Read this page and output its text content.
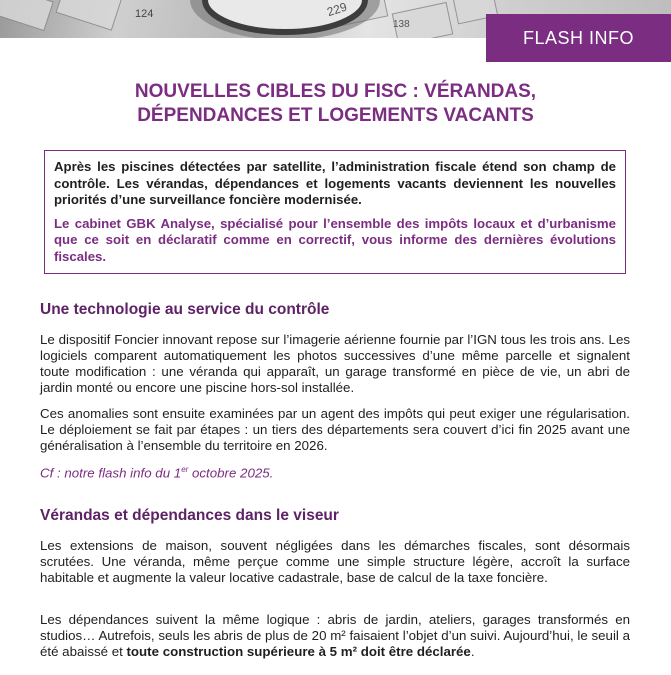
124	229
138
FLASH INFO
NOUVELLES CIBLES DU FISC : VÉRANDAS,
DÉPENDANCES ET LOGEMENTS VACANTS

Après les piscines détectées par satellite, l’administration fiscale étend son champ de contrôle. Les vérandas, dépendances et logements vacants deviennent les nouvelles priorités d’une surveillance foncière modernisée.

Le cabinet GBK Analyse, spécialisé pour l’ensemble des impôts locaux et d’urbanisme que ce soit en déclaratif comme en correctif, vous informe des dernières évolutions fiscales.

Une technologie au service du contrôle

Le dispositif Foncier innovant repose sur l’imagerie aérienne fournie par l’IGN tous les trois ans. Les logiciels comparent automatiquement les photos successives d’une même parcelle et signalent toute modification : une véranda qui apparaît, un garage transformé en pièce de vie, un abri de jardin monté ou encore une piscine hors-sol installée.

Ces anomalies sont ensuite examinées par un agent des impôts qui peut exiger une régularisation. Le déploiement se fait par étapes : un tiers des départements sera couvert d’ici fin 2025 avant une généralisation à l’ensemble du territoire en 2026.

Cf : notre flash info du 1er octobre 2025.

Vérandas et dépendances dans le viseur

Les extensions de maison, souvent négligées dans les démarches fiscales, sont désormais scrutées. Une véranda, même perçue comme une simple structure légère, accroît la surface habitable et augmente la valeur locative cadastrale, base de calcul de la taxe foncière.

Les dépendances suivent la même logique : abris de jardin, ateliers, garages transformés en studios… Autrefois, seuls les abris de plus de 20 m² faisaient l’objet d’un suivi. Aujourd’hui, le seuil a été abaissé et toute construction supérieure à 5 m² doit être déclarée.
